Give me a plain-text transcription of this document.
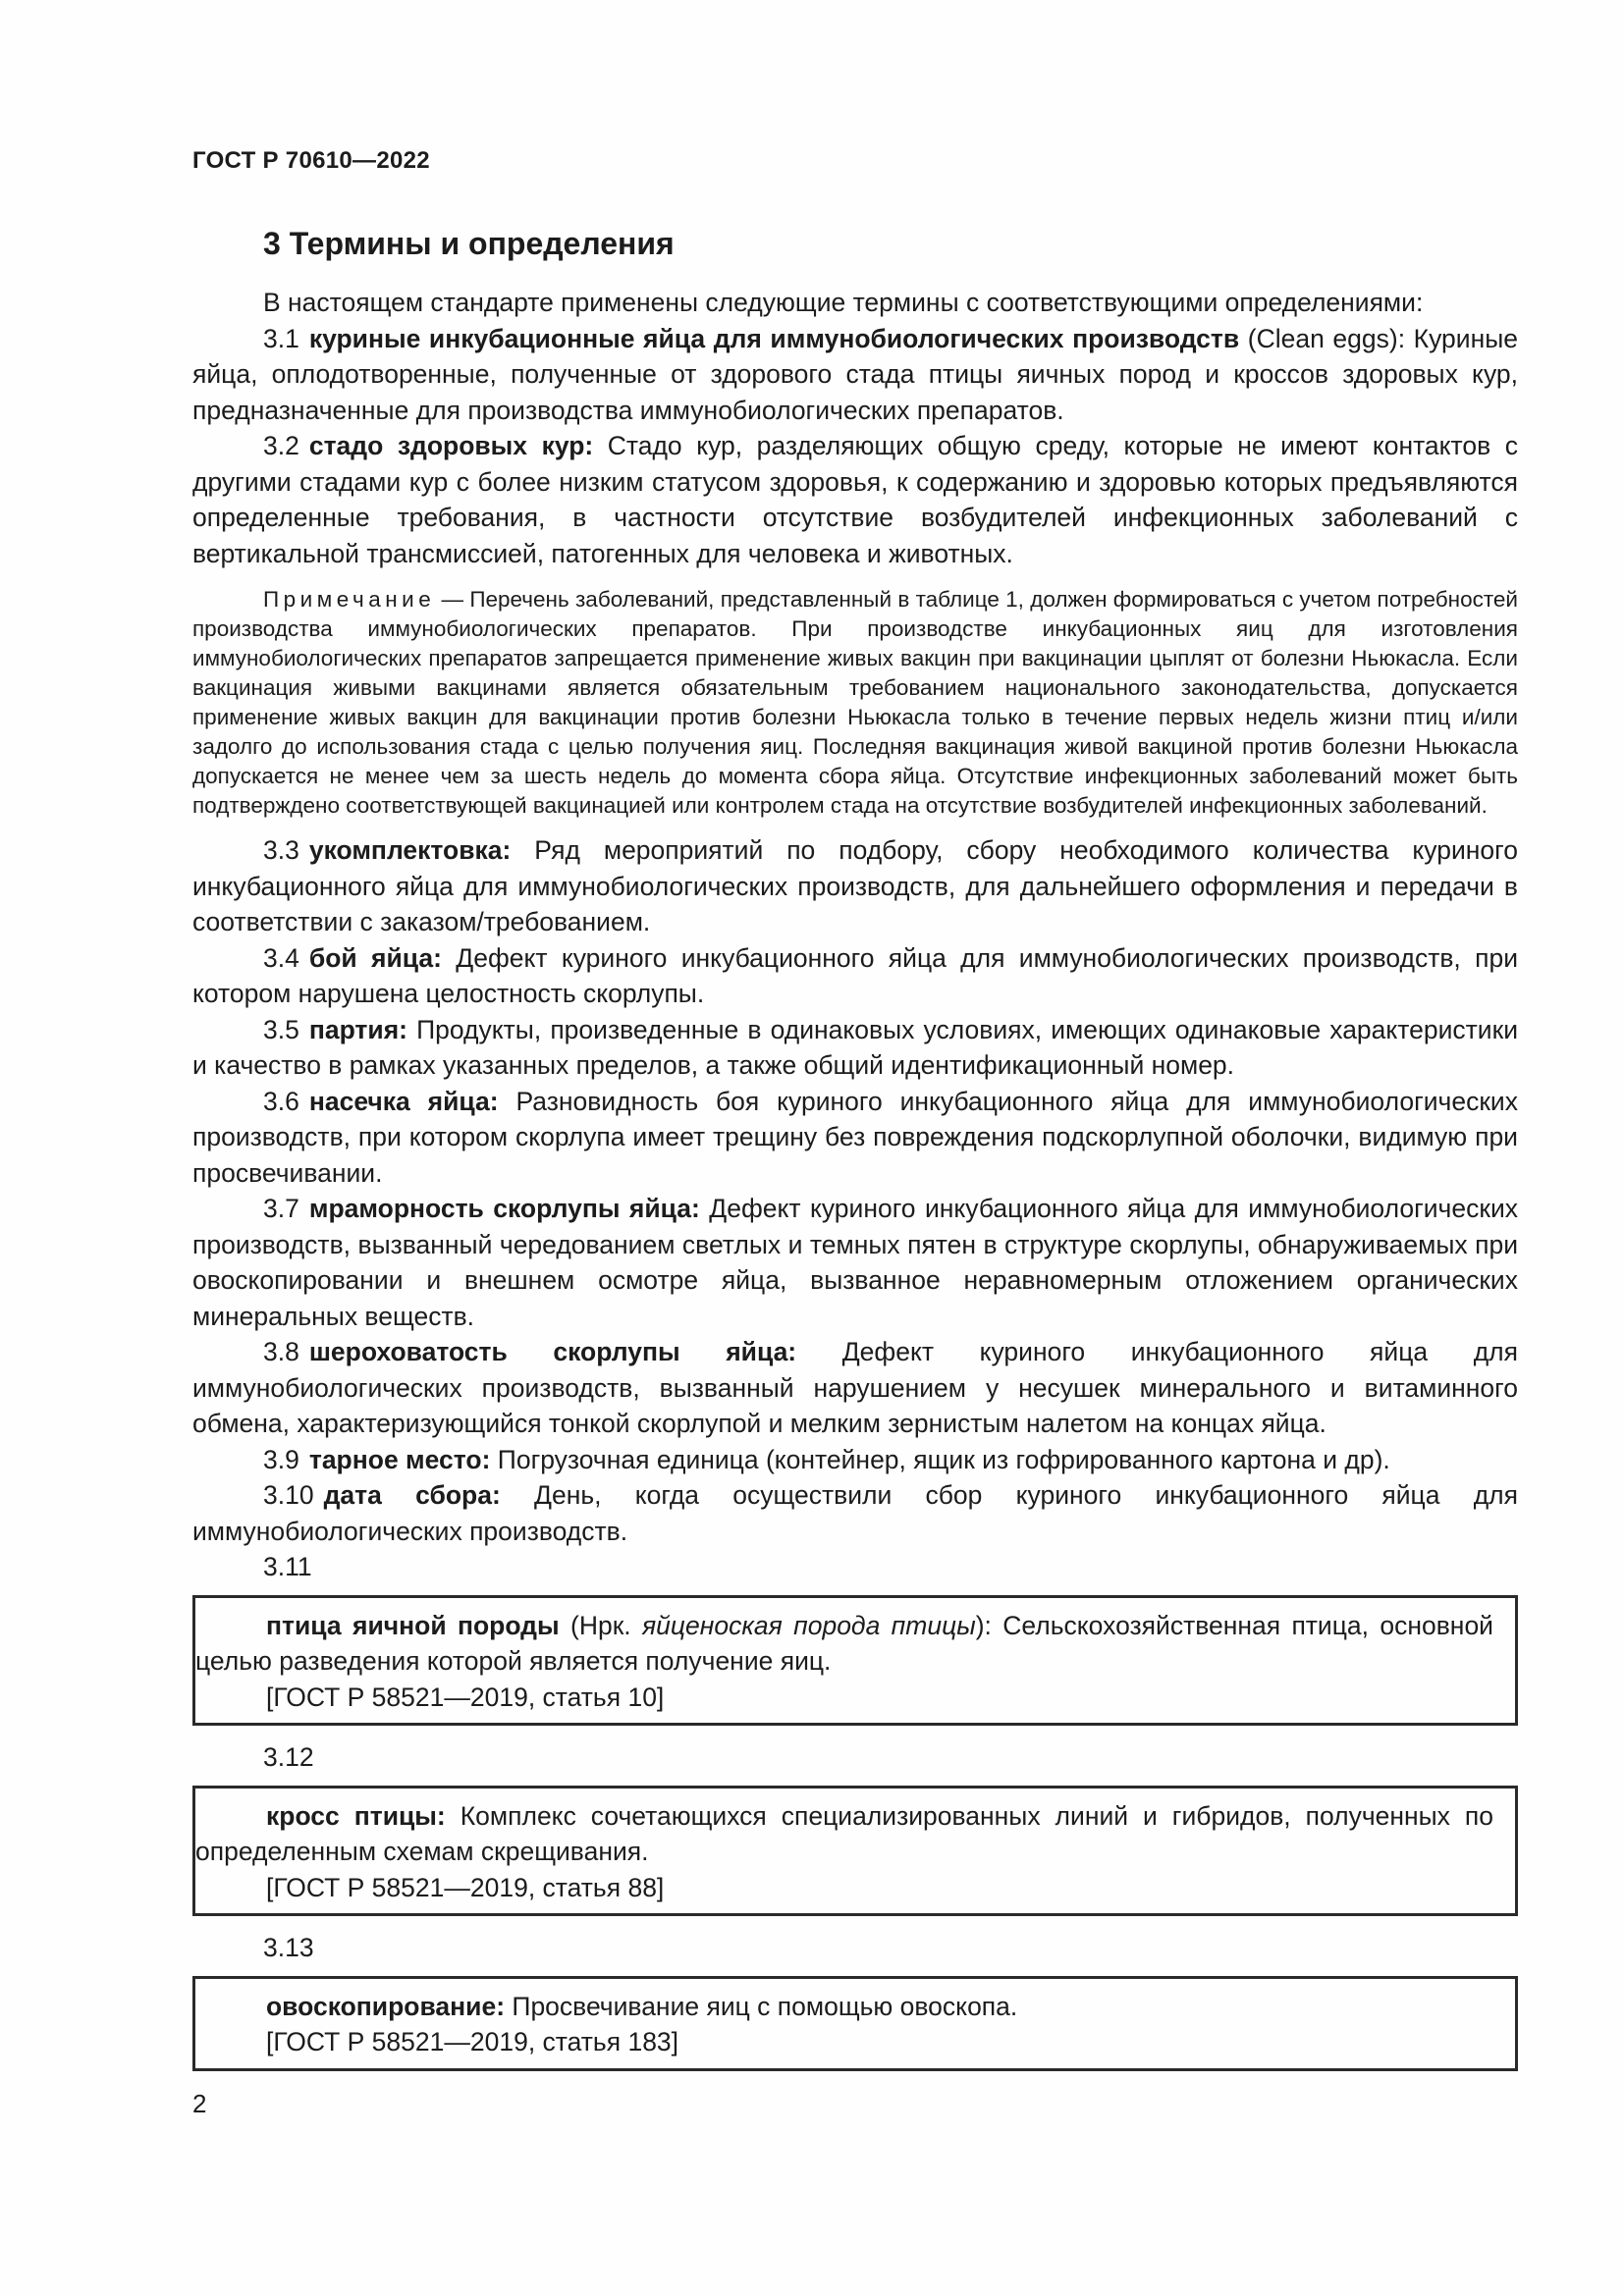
ГОСТ Р 70610—2022
3 Термины и определения

В настоящем стандарте применены следующие термины с соответствующими определениями:

3.1 куриные инкубационные яйца для иммунобиологических производств (Clean eggs): Куриные яйца, оплодотворенные, полученные от здорового стада птицы яичных пород и кроссов здоровых кур, предназначенные для производства иммунобиологических препаратов.

3.2 стадо здоровых кур: Стадо кур, разделяющих общую среду, которые не имеют контактов с другими стадами кур с более низким статусом здоровья, к содержанию и здоровью которых предъявляются определенные требования, в частности отсутствие возбудителей инфекционных заболеваний с вертикальной трансмиссией, патогенных для человека и животных.

Примечание — Перечень заболеваний, представленный в таблице 1, должен формироваться с учетом потребностей производства иммунобиологических препаратов. При производстве инкубационных яиц для изготовления иммунобиологических препаратов запрещается применение живых вакцин при вакцинации цыплят от болезни Ньюкасла. Если вакцинация живыми вакцинами является обязательным требованием национального законодательства, допускается применение живых вакцин для вакцинации против болезни Ньюкасла только в течение первых недель жизни птиц и/или задолго до использования стада с целью получения яиц. Последняя вакцинация живой вакциной против болезни Ньюкасла допускается не менее чем за шесть недель до момента сбора яйца. Отсутствие инфекционных заболеваний может быть подтверждено соответствующей вакцинацией или контролем стада на отсутствие возбудителей инфекционных заболеваний.

3.3 укомплектовка: Ряд мероприятий по подбору, сбору необходимого количества куриного инкубационного яйца для иммунобиологических производств, для дальнейшего оформления и передачи в соответствии с заказом/требованием.

3.4 бой яйца: Дефект куриного инкубационного яйца для иммунобиологических производств, при котором нарушена целостность скорлупы.

3.5 партия: Продукты, произведенные в одинаковых условиях, имеющих одинаковые характеристики и качество в рамках указанных пределов, а также общий идентификационный номер.

3.6 насечка яйца: Разновидность боя куриного инкубационного яйца для иммунобиологических производств, при котором скорлупа имеет трещину без повреждения подскорлупной оболочки, видимую при просвечивании.

3.7 мраморность скорлупы яйца: Дефект куриного инкубационного яйца для иммунобиологических производств, вызванный чередованием светлых и темных пятен в структуре скорлупы, обнаруживаемых при овоскопировании и внешнем осмотре яйца, вызванное неравномерным отложением органических минеральных веществ.

3.8 шероховатость скорлупы яйца: Дефект куриного инкубационного яйца для иммунобиологических производств, вызванный нарушением у несушек минерального и витаминного обмена, характеризующийся тонкой скорлупой и мелким зернистым налетом на концах яйца.

3.9 тарное место: Погрузочная единица (контейнер, ящик из гофрированного картона и др).

3.10 дата сбора: День, когда осуществили сбор куриного инкубационного яйца для иммунобиологических производств.

3.11

птица яичной породы (Нрк. яйценоская порода птицы): Сельскохозяйственная птица, основной целью разведения которой является получение яиц.

[ГОСТ Р 58521—2019, статья 10]

3.12

кросс птицы: Комплекс сочетающихся специализированных линий и гибридов, полученных по определенным схемам скрещивания.

[ГОСТ Р 58521—2019, статья 88]

3.13

овоскопирование: Просвечивание яиц с помощью овоскопа.

[ГОСТ Р 58521—2019, статья 183]

2
